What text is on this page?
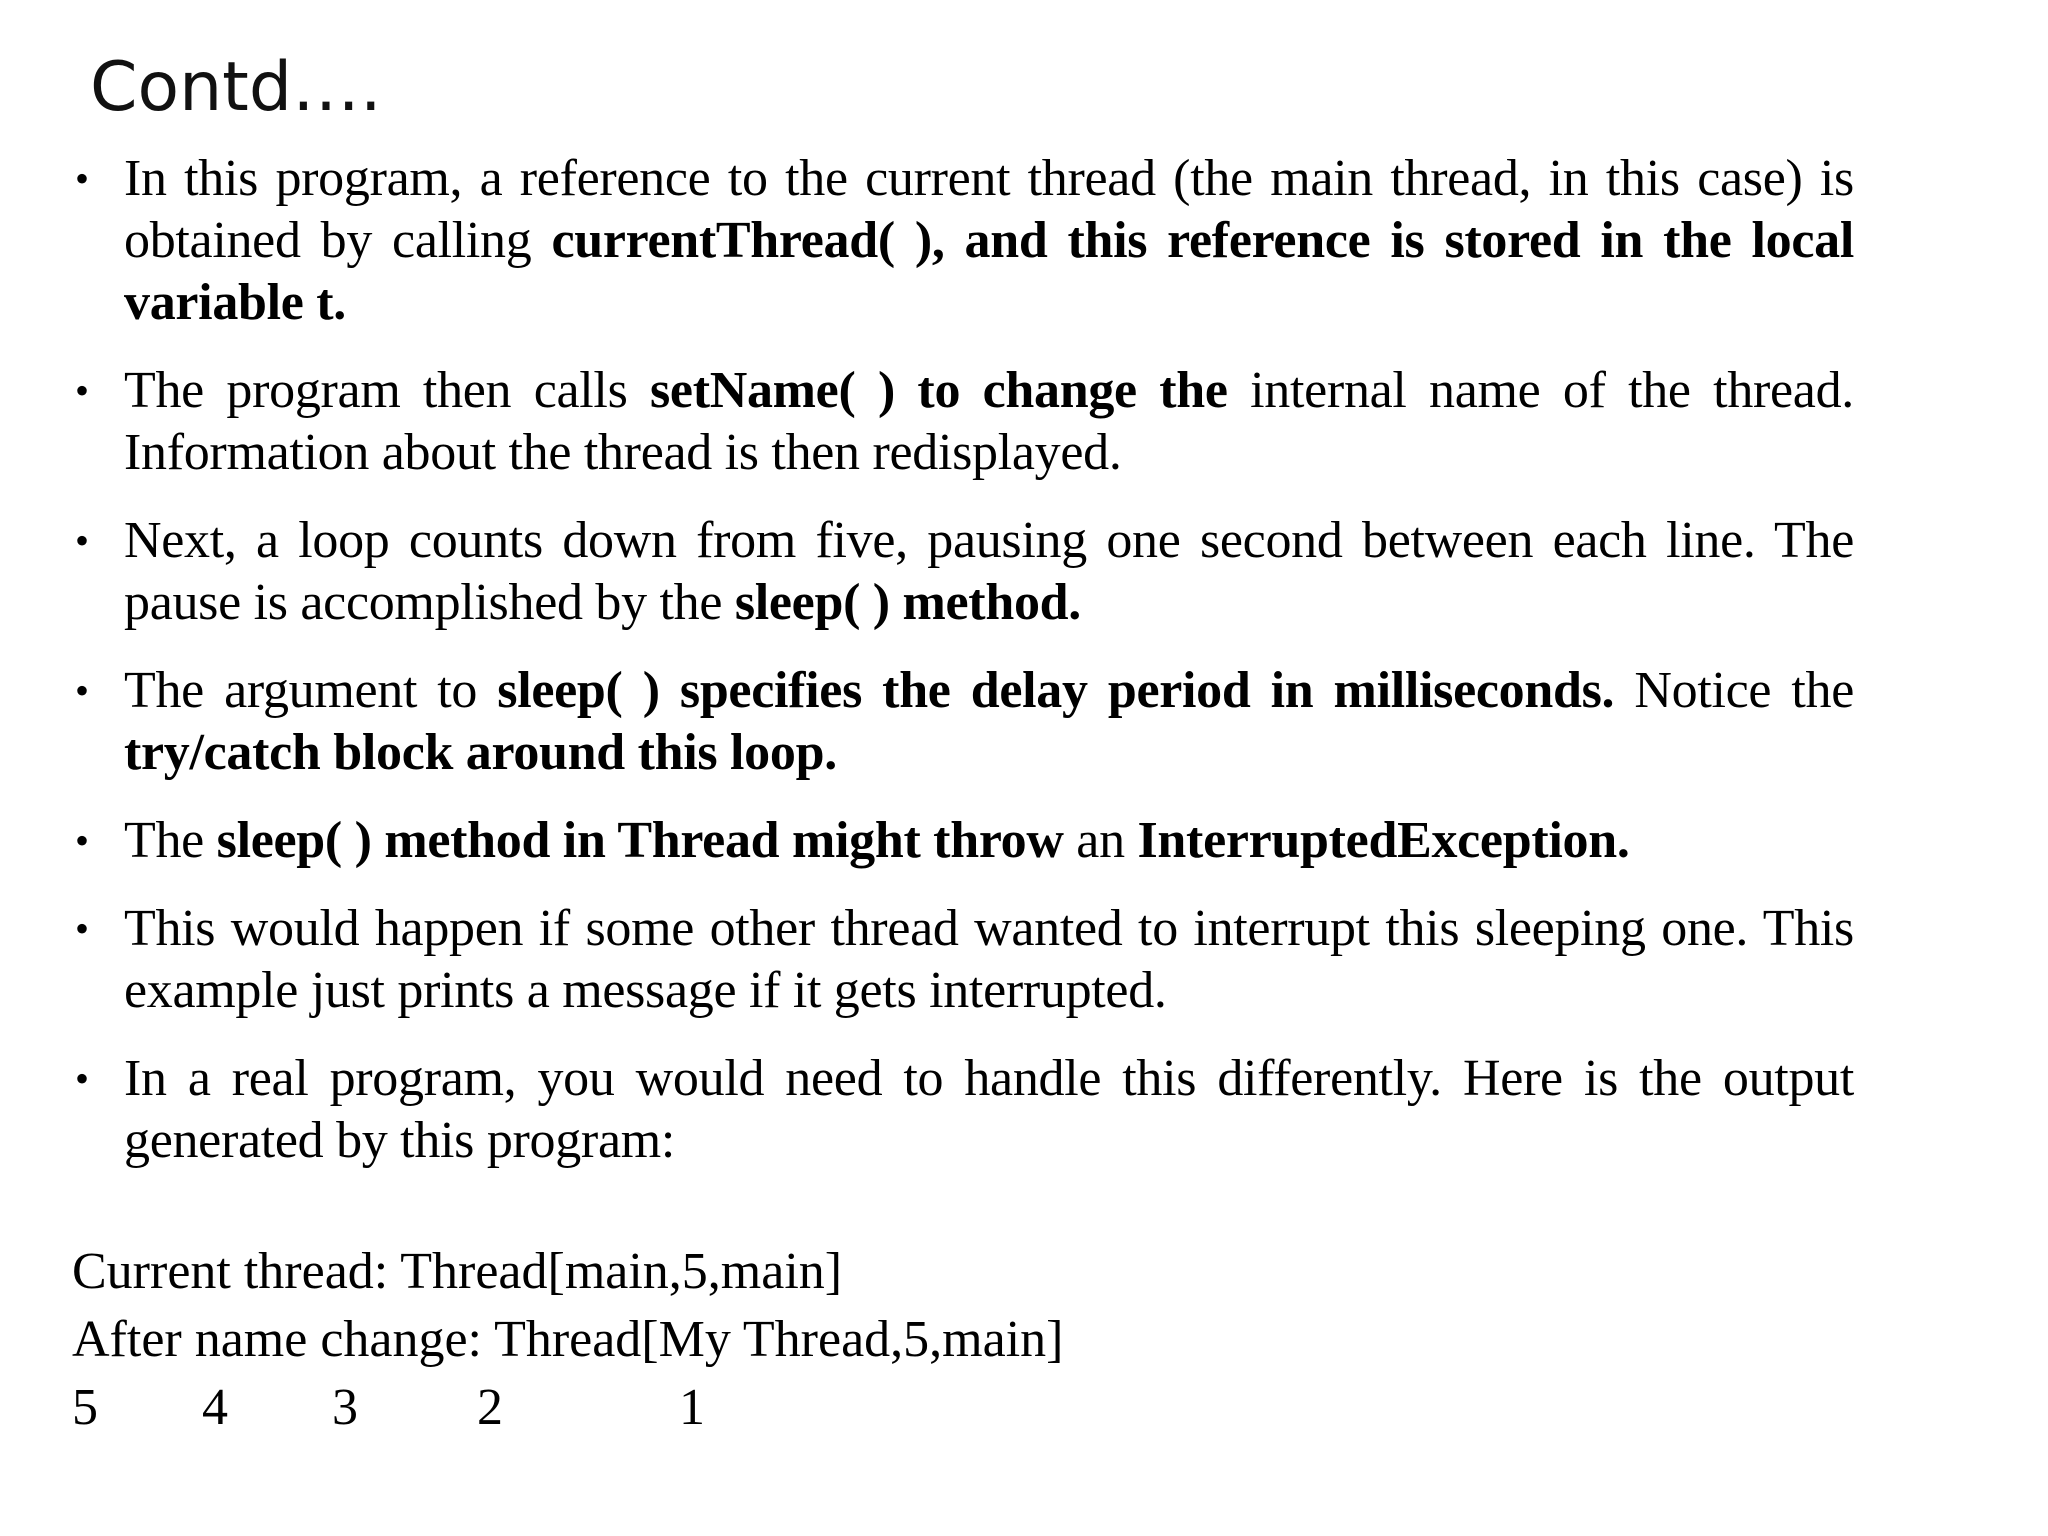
Contd….
• In this program, a reference to the current thread (the main thread, in this case) is obtained by calling currentThread( ), and this reference is stored in the local variable t.
• The program then calls setName( ) to change the internal name of the thread. Information about the thread is then redisplayed.
• Next, a loop counts down from five, pausing one second between each line. The pause is accomplished by the sleep( ) method.
• The argument to sleep( ) specifies the delay period in milliseconds. Notice the try/catch block around this loop.
• The sleep( ) method in Thread might throw an InterruptedException.
• This would happen if some other thread wanted to interrupt this sleeping one. This example just prints a message if it gets interrupted.
• In a real program, you would need to handle this differently. Here is the output generated by this program:
Current thread: Thread[main,5,main]
After name change: Thread[My Thread,5,main]
5 4 3 2	1
